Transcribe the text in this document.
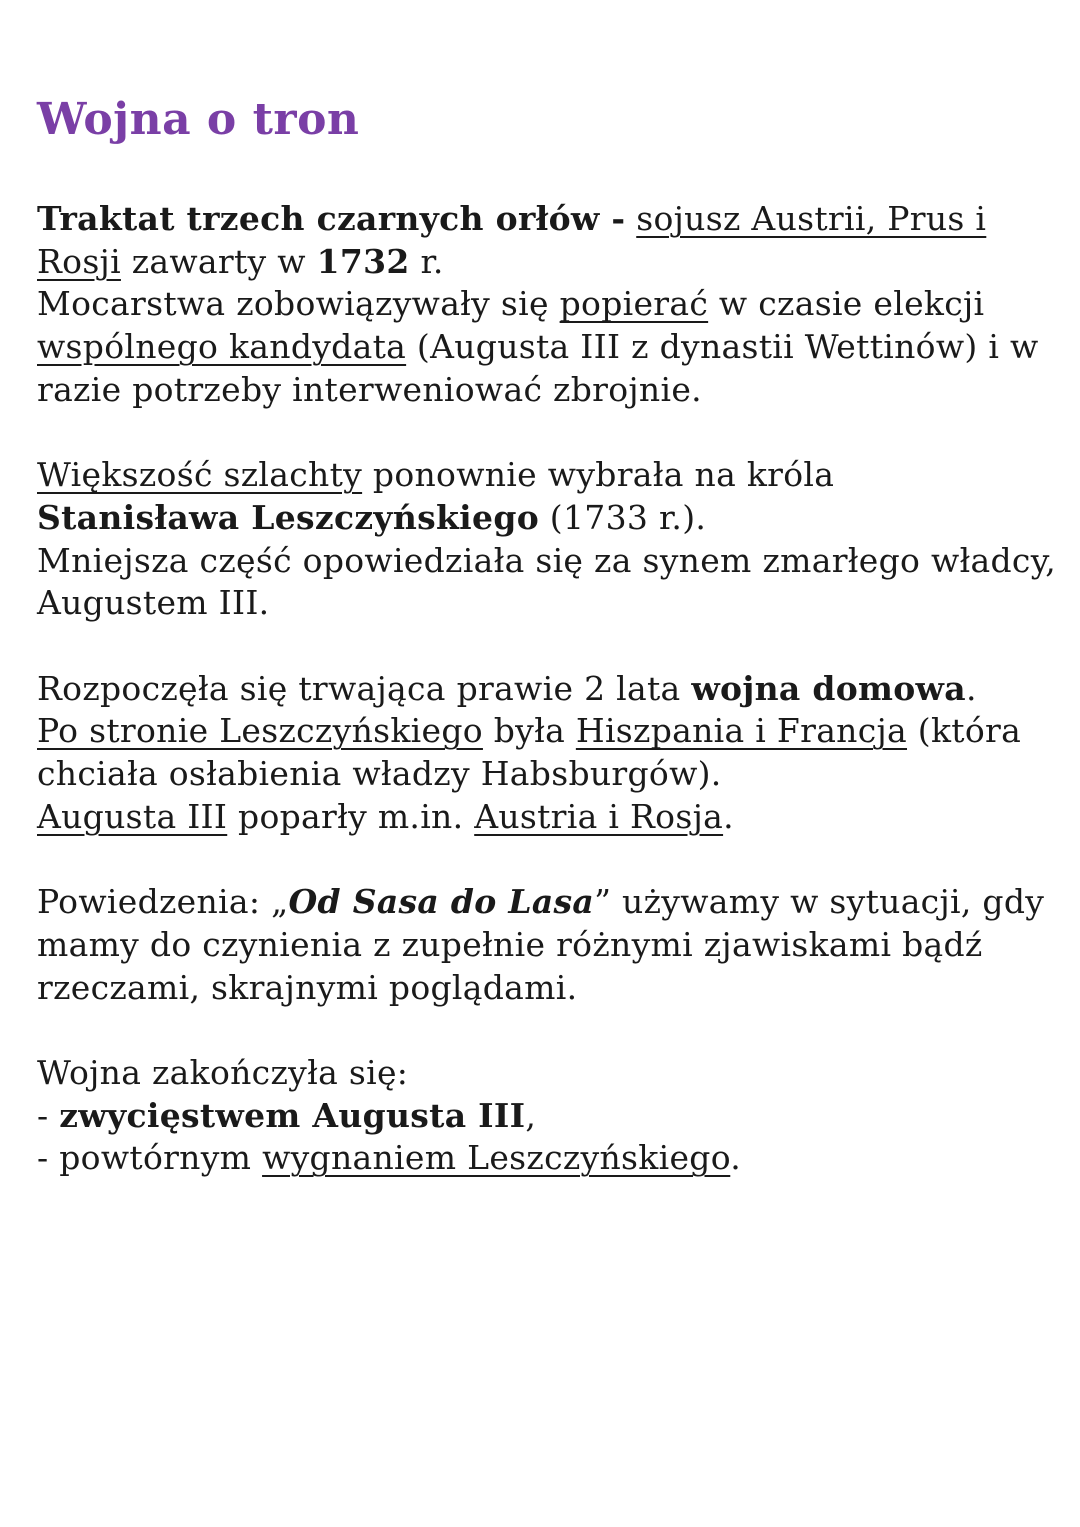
Wojna o tron

Traktat trzech czarnych orłów - sojusz Austrii, Prus i Rosji zawarty w 1732 r.
Mocarstwa zobowiązywały się popierać w czasie elekcji wspólnego kandydata (Augusta III z dynastii Wettinów) i w razie potrzeby interweniować zbrojnie.

Większość szlachty ponownie wybrała na króla
Stanisława Leszczyńskiego (1733 r.).
Mniejsza część opowiedziała się za synem zmarłego władcy, Augustem III.

Rozpoczęła się trwająca prawie 2 lata wojna domowa.
Po stronie Leszczyńskiego była Hiszpania i Francja (która chciała osłabienia władzy Habsburgów).
Augusta III poparły m.in. Austria i Rosja.

Powiedzenia: „Od Sasa do Lasa” używamy w sytuacji, gdy mamy do czynienia z zupełnie różnymi zjawiskami bądź rzeczami, skrajnymi poglądami.

Wojna zakończyła się:
- zwycięstwem Augusta III,
- powtórnym wygnaniem Leszczyńskiego.
